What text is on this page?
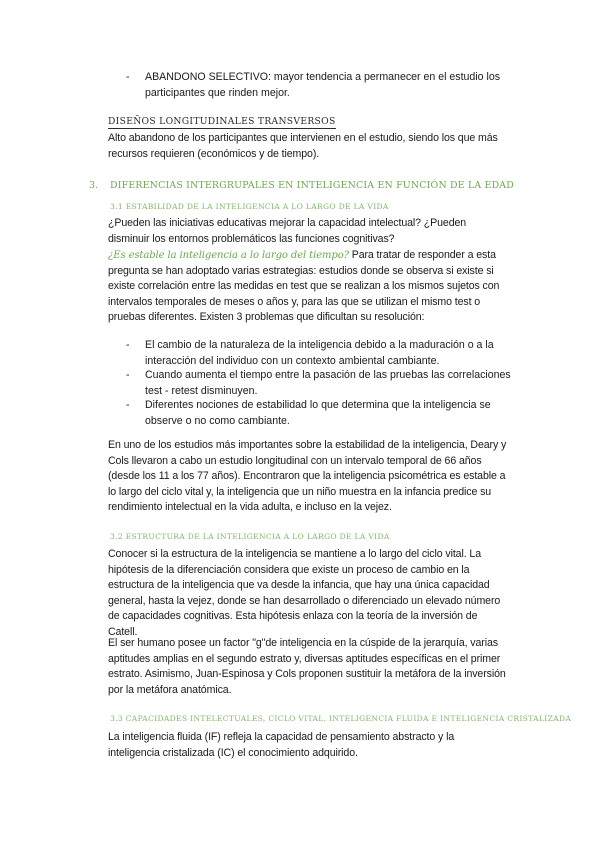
- ABANDONO SELECTIVO: mayor tendencia a permanecer en el estudio los participantes que rinden mejor.
DISEÑOS LONGITUDINALES TRANSVERSOS

Alto abandono de los participantes que intervienen en el estudio, siendo los que más recursos requieren (económicos y de tiempo).

3. DIFERENCIAS INTERGRUPALES EN INTELIGENCIA EN FUNCIÓN DE LA EDAD
3.1 ESTABILIDAD DE LA INTELIGENCIA A LO LARGO DE LA VIDA

¿Pueden las iniciativas educativas mejorar la capacidad intelectual? ¿Pueden disminuir los entornos problemáticos las funciones cognitivas?

¿Es estable la inteligencia a lo largo del tiempo? Para tratar de responder a esta pregunta se han adoptado varias estrategias: estudios donde se observa si existe si existe correlación entre las medidas en test que se realizan a los mismos sujetos con intervalos temporales de meses o años y, para las que se utilizan el mismo test o pruebas diferentes. Existen 3 problemas que dificultan su resolución:

- El cambio de la naturaleza de la inteligencia debido a la maduración o a la interacción del individuo con un contexto ambiental cambiante.
- Cuando aumenta el tiempo entre la pasación de las pruebas las correlaciones test - retest disminuyen.
- Diferentes nociones de estabilidad lo que determina que la inteligencia se observe o no como cambiante.

En uno de los estudios más importantes sobre la estabilidad de la inteligencia, Deary y Cols llevaron a cabo un estudio longitudinal con un intervalo temporal de 66 años (desde los 11 a los 77 años). Encontraron que la inteligencia psicométrica es estable a lo largo del ciclo vital y, la inteligencia que un niño muestra en la infancia predice su rendimiento intelectual en la vida adulta, e incluso en la vejez.

3.2 ESTRUCTURA DE LA INTELIGENCIA A LO LARGO DE LA VIDA

Conocer si la estructura de la inteligencia se mantiene a lo largo del ciclo vital. La hipótesis de la diferenciación considera que existe un proceso de cambio en la estructura de la inteligencia que va desde la infancia, que hay una única capacidad general, hasta la vejez, donde se han desarrollado o diferenciado un elevado número de capacidades cognitivas. Esta hipótesis enlaza con la teoría de la inversión de Catell.

El ser humano posee un factor "g"de inteligencia en la cúspide de la jerarquía, varias aptitudes amplias en el segundo estrato y, diversas aptitudes específicas en el primer estrato. Asimismo, Juan-Espinosa y Cols proponen sustituir la metáfora de la inversión por la metáfora anatómica.

3.3 CAPACIDADES INTELECTUALES, CICLO VITAL, INTELIGENCIA FLUIDA E INTELIGENCIA CRISTALIZADA

La inteligencia fluida (IF) refleja la capacidad de pensamiento abstracto y la inteligencia cristalizada (IC) el conocimiento adquirido.
